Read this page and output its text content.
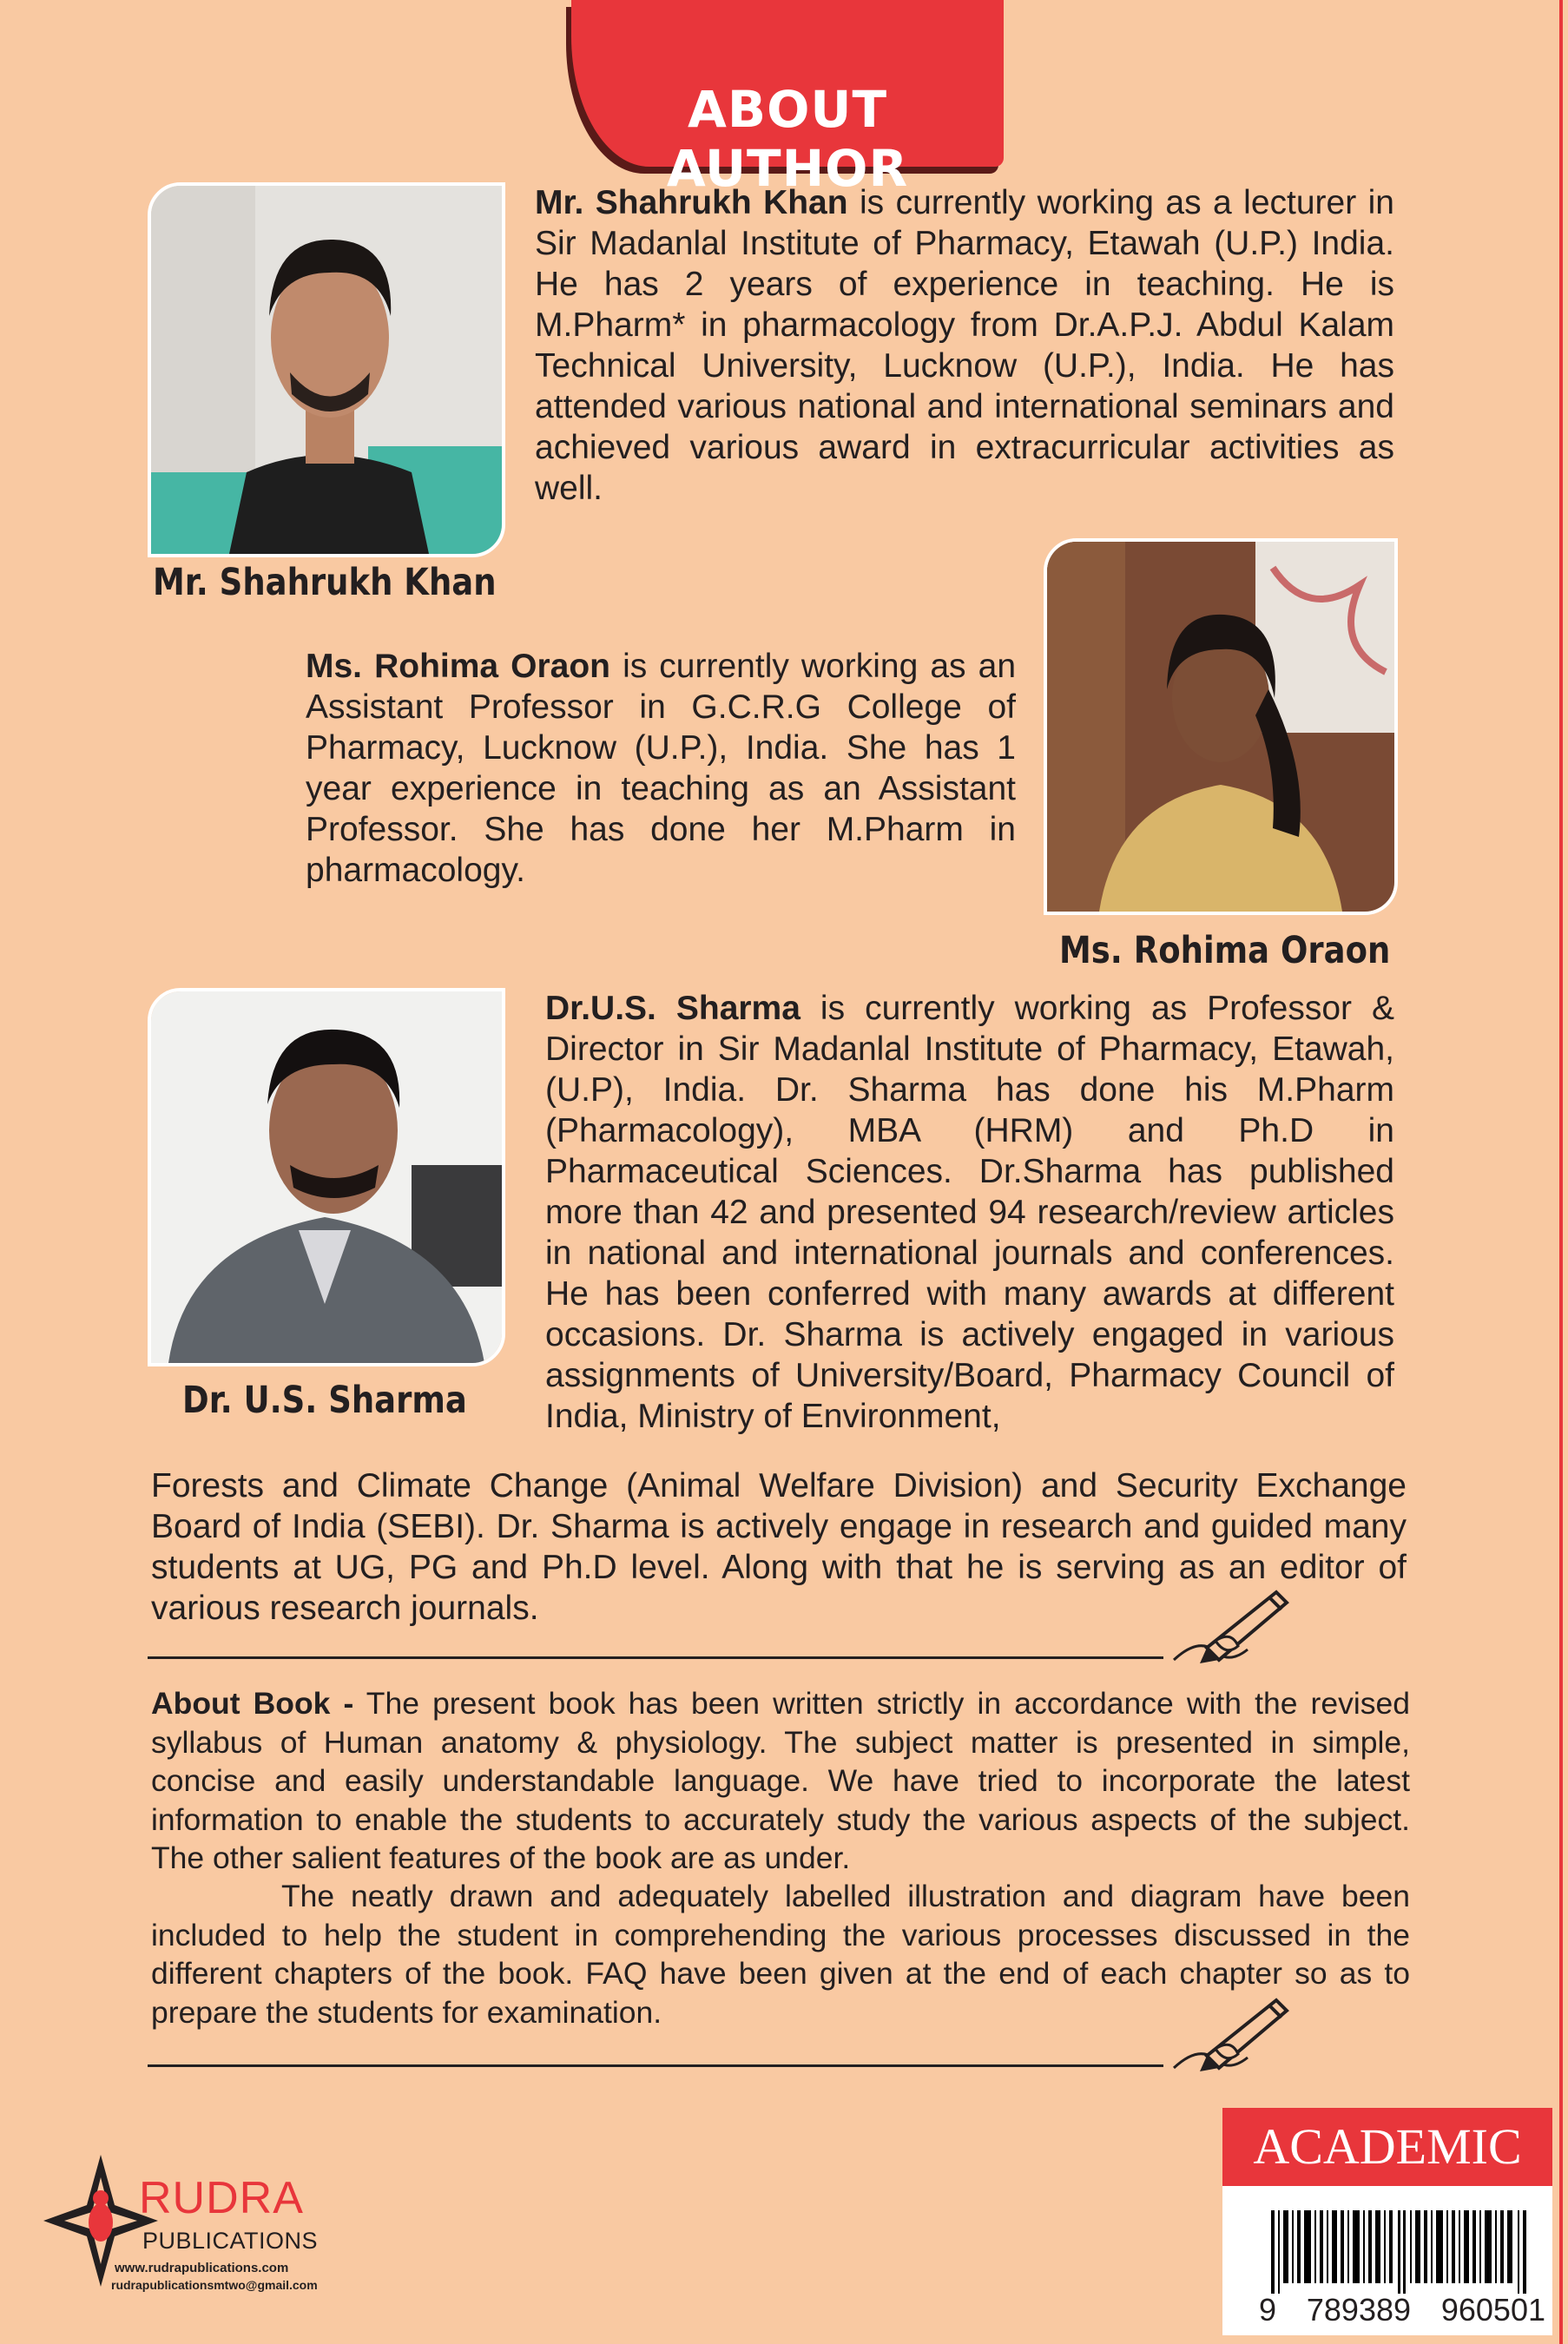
ABOUT AUTHOR
Mr. Shahrukh Khan

Mr. Shahrukh Khan is currently working as a lecturer in Sir Madanlal Institute of Pharmacy, Etawah (U.P.) India. He has 2 years of experience in teaching. He is M.Pharm* in pharmacology from Dr.A.P.J. Abdul Kalam Technical University, Lucknow (U.P.), India. He has attended various national and international seminars and achieved various award in extracurricular activities as well.

Ms. Rohima Oraon is currently working as an Assistant Professor in G.C.R.G College of Pharmacy, Lucknow (U.P.), India. She has 1 year experience in teaching as an Assistant Professor. She has done her M.Pharm in pharmacology.

Ms. Rohima Oraon
Dr. U.S. Sharma

Dr.U.S. Sharma is currently working as Professor & Director in Sir Madanlal Institute of Pharmacy, Etawah, (U.P), India. Dr. Sharma has done his M.Pharm (Pharmacology), MBA (HRM) and Ph.D in Pharmaceutical Sciences. Dr.Sharma has published more than 42 and presented 94 research/review articles in national and international journals and conferences. He has been conferred with many awards at different occasions. Dr. Sharma is actively engaged in various assignments of University/Board, Pharmacy Council of India, Ministry of Environment,

Forests and Climate Change (Animal Welfare Division) and Security Exchange Board of India (SEBI). Dr. Sharma is actively engage in research and guided many students at UG, PG and Ph.D level. Along with that he is serving as an editor of various research journals.

About Book - The present book has been written strictly in accordance with the revised syllabus of Human anatomy & physiology. The subject matter is presented in simple, concise and easily understandable language. We have tried to incorporate the latest information to enable the students to accurately study the various aspects of the subject. The other salient features of the book are as under.

The neatly drawn and adequately labelled illustration and diagram have been included to help the student in comprehending the various processes discussed in the different chapters of the book. FAQ have been given at the end of each chapter so as to prepare the students for examination.

RUDRA
PUBLICATIONS
www.rudrapublications.com
rudrapublicationsmtwo@gmail.com
ACADEMIC
9 789389 960501
